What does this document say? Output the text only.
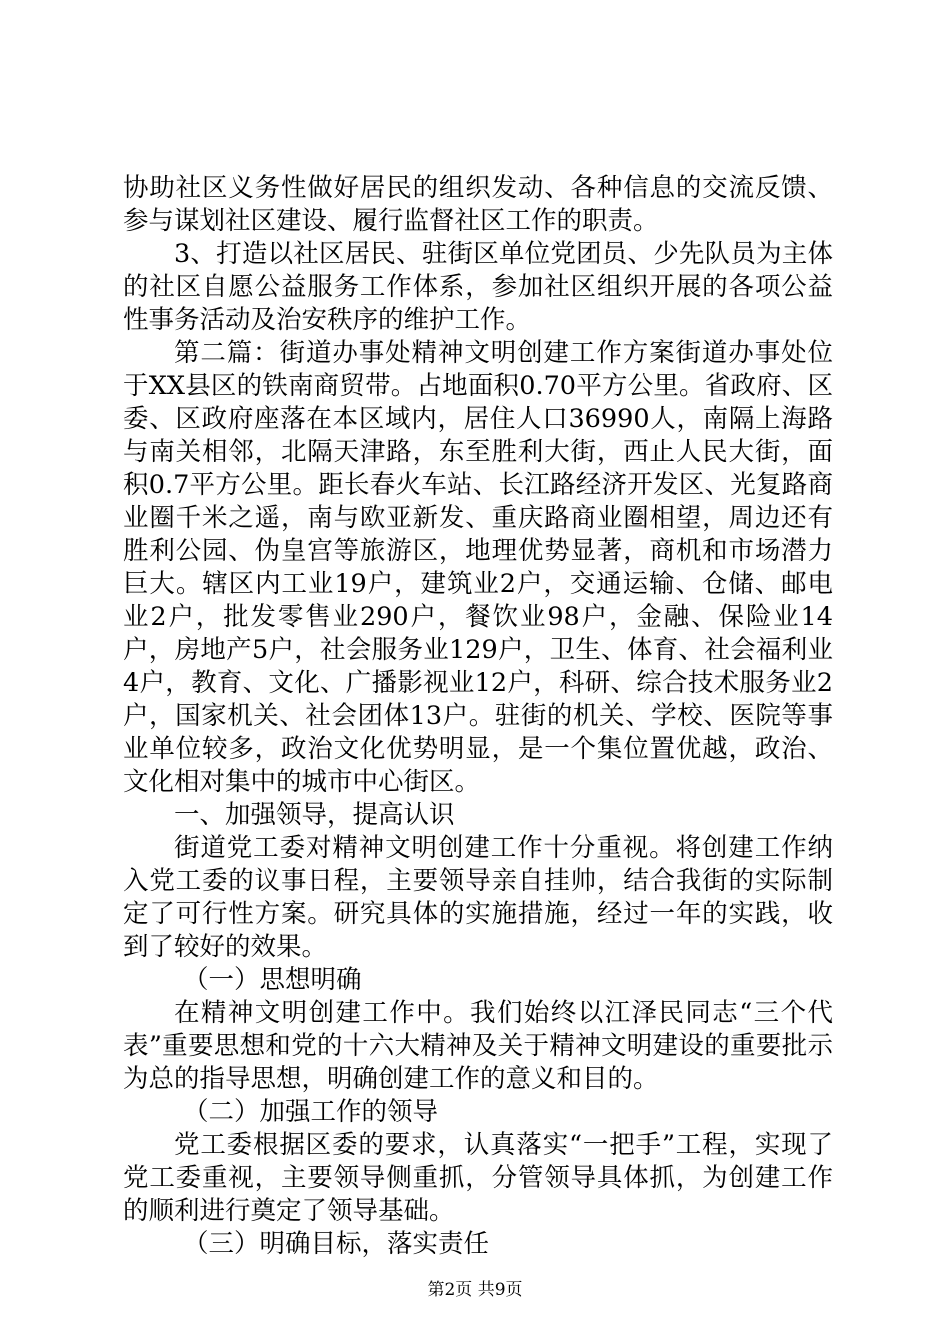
协助社区义务性做好居民的组织发动、各种信息的交流反馈、参与谋划社区建设、履行监督社区工作的职责。

3、打造以社区居民、驻街区单位党团员、少先队员为主体的社区自愿公益服务工作体系，参加社区组织开展的各项公益性事务活动及治安秩序的维护工作。

第二篇：街道办事处精神文明创建工作方案街道办事处位于XX县区的铁南商贸带。占地面积0.70平方公里。省政府、区委、区政府座落在本区域内，居住人口36990人，南隔上海路与南关相邻，北隔天津路，东至胜利大街，西止人民大街，面积0.7平方公里。距长春火车站、长江路经济开发区、光复路商业圈千米之遥，南与欧亚新发、重庆路商业圈相望，周边还有胜利公园、伪皇宫等旅游区，地理优势显著，商机和市场潜力巨大。辖区内工业19户，建筑业2户，交通运输、仓储、邮电业2户，批发零售业290户，餐饮业98户，金融、保险业14户，房地产5户，社会服务业129户，卫生、体育、社会福利业4户，教育、文化、广播影视业12户，科研、综合技术服务业2户，国家机关、社会团体13户。驻街的机关、学校、医院等事业单位较多，政治文化优势明显，是一个集位置优越，政治、文化相对集中的城市中心街区。

一、加强领导，提高认识

街道党工委对精神文明创建工作十分重视。将创建工作纳入党工委的议事日程，主要领导亲自挂帅，结合我街的实际制定了可行性方案。研究具体的实施措施，经过一年的实践，收到了较好的效果。

（一）思想明确

在精神文明创建工作中。我们始终以江泽民同志“三个代表”重要思想和党的十六大精神及关于精神文明建设的重要批示为总的指导思想，明确创建工作的意义和目的。

（二）加强工作的领导

党工委根据区委的要求，认真落实“一把手”工程，实现了党工委重视，主要领导侧重抓，分管领导具体抓，为创建工作的顺利进行奠定了领导基础。

（三）明确目标，落实责任

第2页 共9页
